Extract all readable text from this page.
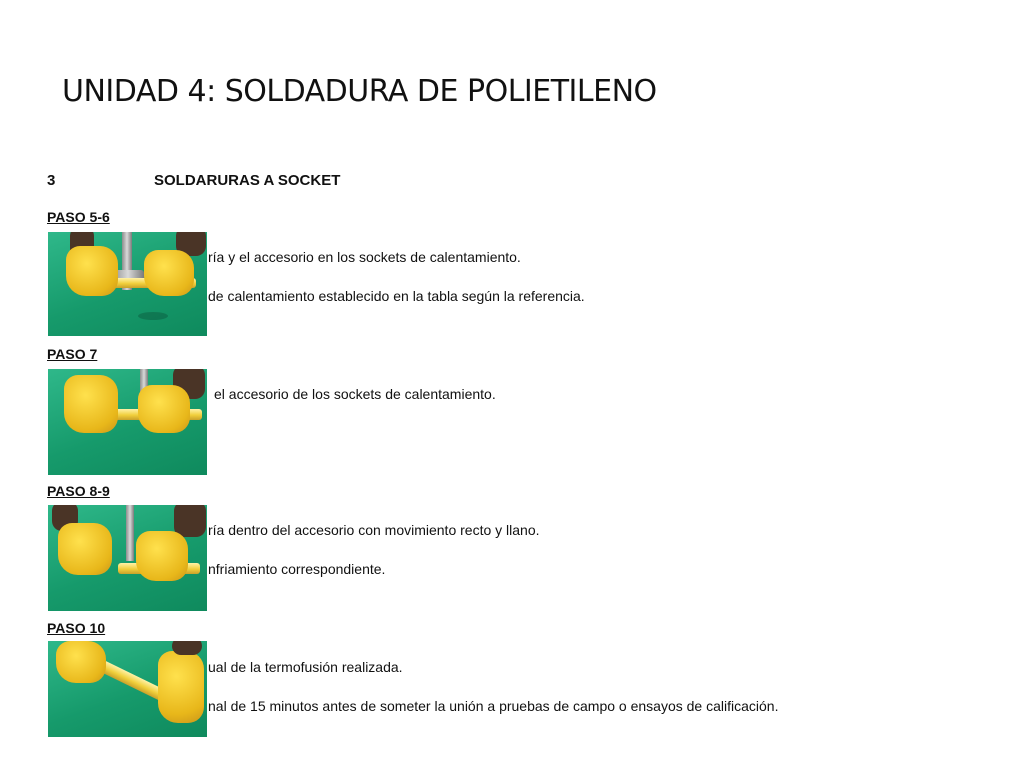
UNIDAD 4: SOLDADURA DE POLIETILENO
3	SOLDARURAS A SOCKET
PASO 5-6
ría y el accesorio en los sockets de calentamiento.
de calentamiento establecido en la tabla según la referencia.
PASO 7
el accesorio de los sockets de calentamiento.
PASO 8-9
ría dentro del accesorio con movimiento recto y llano.
nfriamiento correspondiente.
PASO 10
ual de la termofusión realizada.
nal de 15 minutos antes de someter la unión a pruebas de campo o ensayos de calificación.
